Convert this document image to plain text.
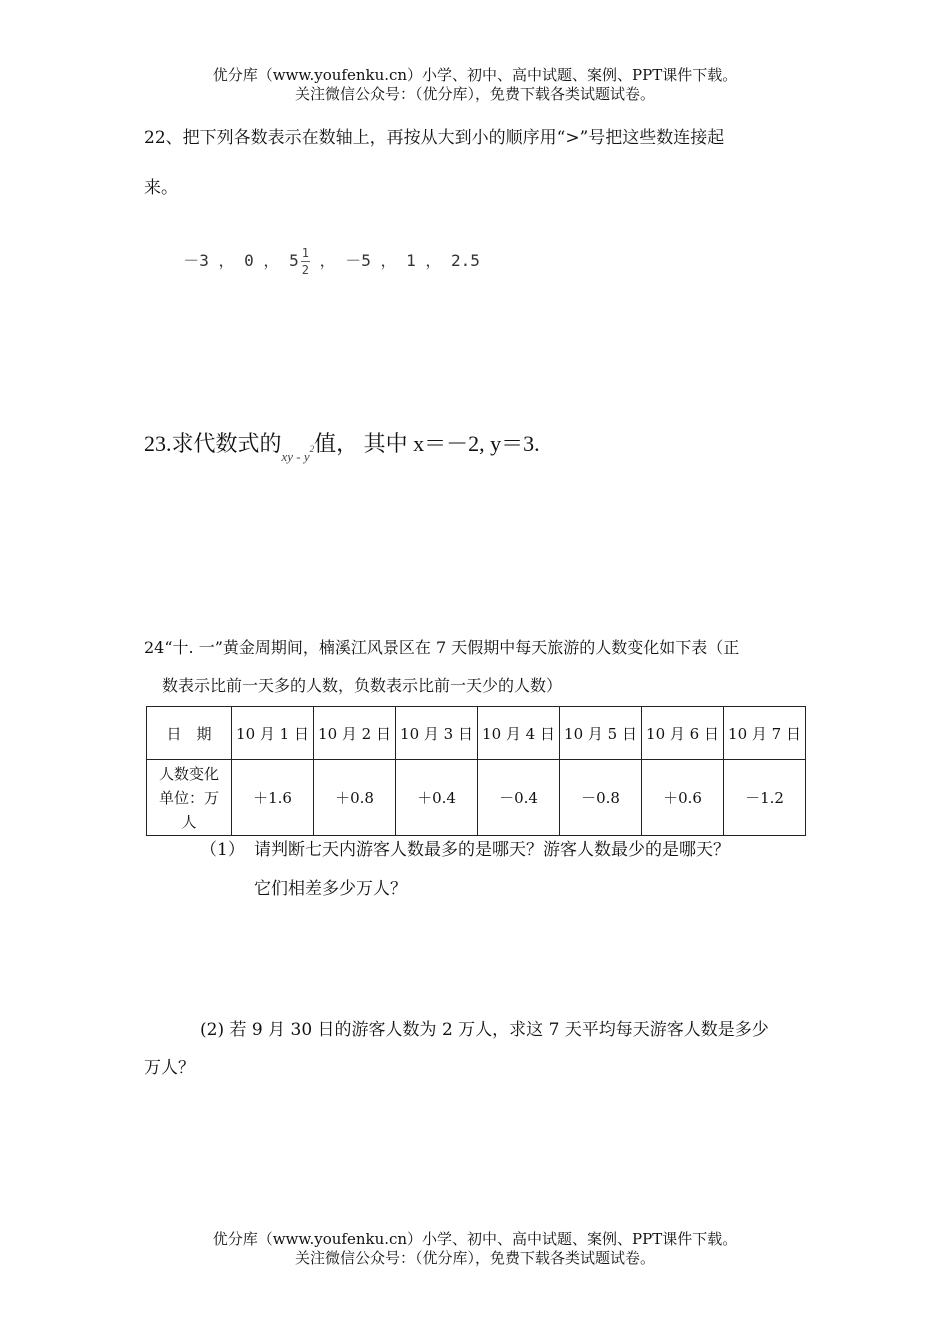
优分库（www.youfenku.cn）小学、初中、高中试题、案例、PPT课件下载。
关注微信公众号：（优分库），免费下载各类试题试卷。
22、把下列各数表示在数轴上，再按从大到小的顺序用“>”号把这些数连接起
来。

－3 ， 0 ， $5 \frac{1}{2}$ ， －5 ， 1 ， 2.5

23.求代数式的$_{xy - y^2}$值， 其中 x＝－2, y＝3.
24“十. 一”黄金周期间，楠溪江风景区在 7 天假期中每天旅游的人数变化如下表（正
数表示比前一天多的人数，负数表示比前一天少的人数）
日　期	10 月 1 日	10 月 2 日	10 月 3 日	10 月 4 日	10 月 5 日	10 月 6 日	10 月 7 日

人数变化
单位：万
人	＋1.6	＋0.8	＋0.4	－0.4	－0.8	＋0.6	－1.2
（1） 请判断七天内游客人数最多的是哪天？游客人数最少的是哪天？
它们相差多少万人？
(2) 若 9 月 30 日的游客人数为 2 万人，求这 7 天平均每天游客人数是多少
万人？
优分库（www.youfenku.cn）小学、初中、高中试题、案例、PPT课件下载。
关注微信公众号：（优分库），免费下载各类试题试卷。
